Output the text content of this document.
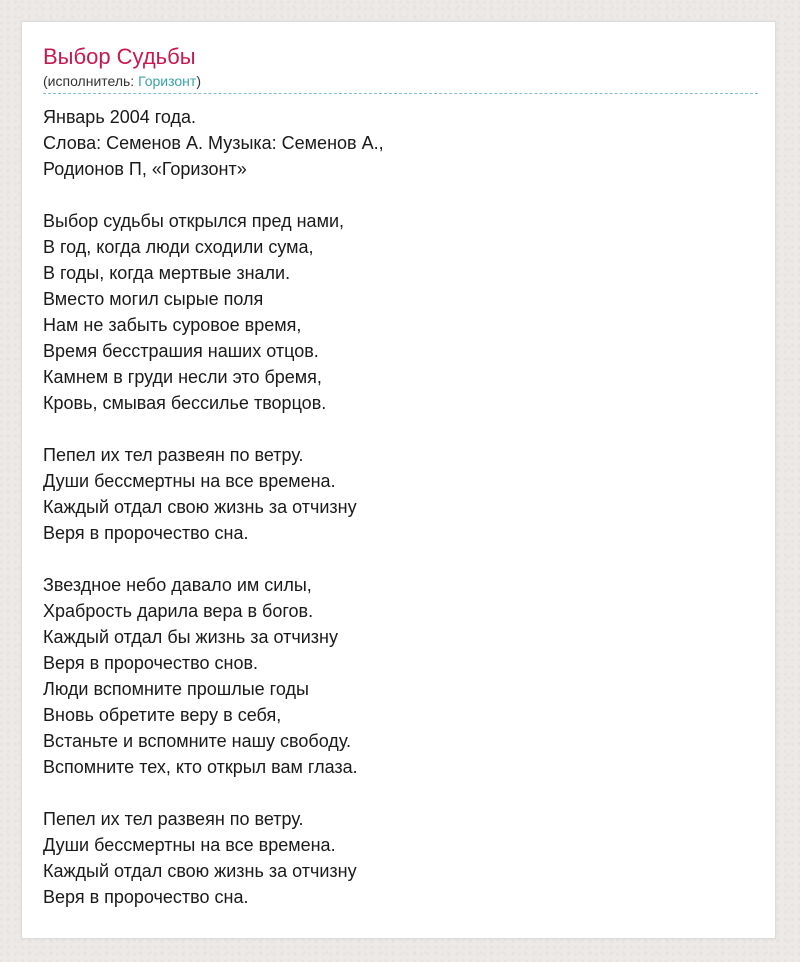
Выбор Судьбы
(исполнитель: Горизонт)
Январь 2004 года.
Слова: Семенов А. Музыка: Семенов А.,
Родионов П, «Горизонт»
Выбор судьбы открылся пред нами,
В год, когда люди сходили сума,
В годы, когда мертвые знали.
Вместо могил сырые поля
Нам не забыть суровое время,
Время бесстрашия наших отцов.
Камнем в груди несли это бремя,
Кровь, смывая бессилье творцов.
Пепел их тел развеян по ветру.
Души бессмертны на все времена.
Каждый отдал свою жизнь за отчизну
Веря в пророчество сна.
Звездное небо давало им силы,
Храбрость дарила вера в богов.
Каждый отдал бы жизнь за отчизну
Веря в пророчество снов.
Люди вспомните прошлые годы
Вновь обретите веру в себя,
Встаньте и вспомните нашу свободу.
Вспомните тех, кто открыл вам глаза.
Пепел их тел развеян по ветру.
Души бессмертны на все времена.
Каждый отдал свою жизнь за отчизну
Веря в пророчество сна.
